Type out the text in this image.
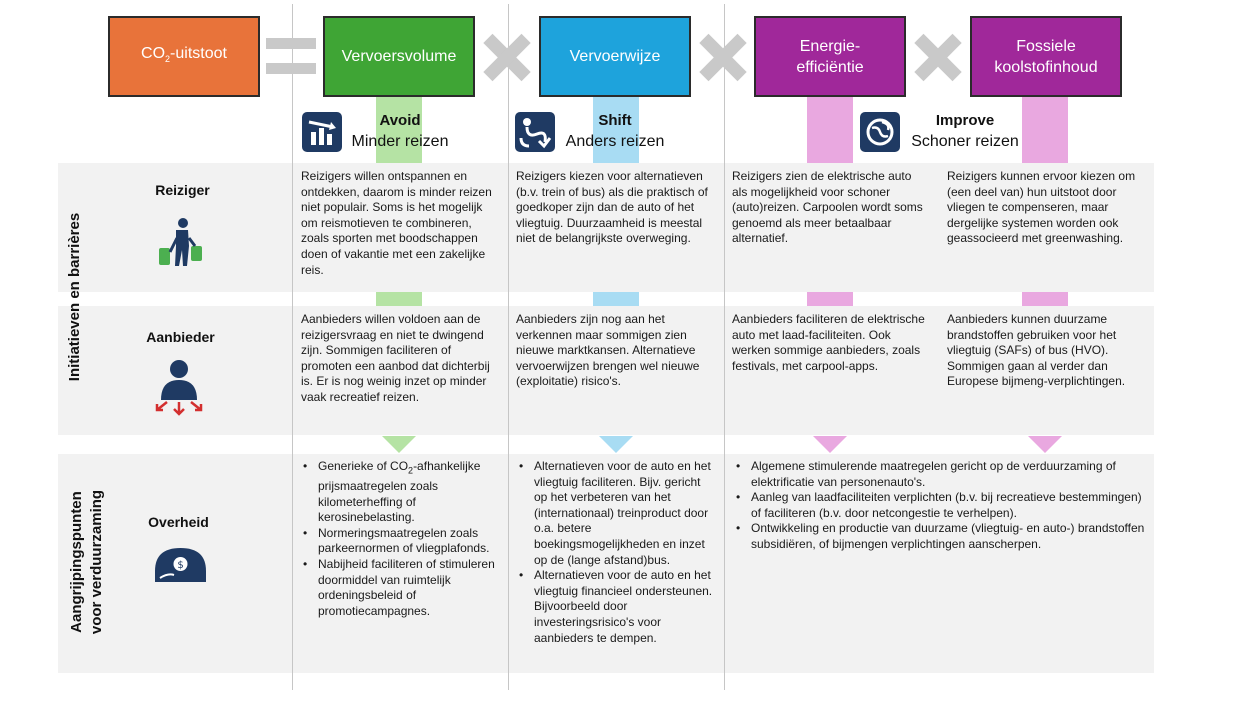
$CO_2$-uitstoot	Vervoersvolume	Vervoerwijze
Energie-
efficiëntie
Fossiele
koolstofinhoud
Avoid
Minder reizen
Shift
Anders reizen
Improve
Schoner reizen
Initiatieven en barrières
Aangrijpingspunten voor verduurzaming
Reiziger
Aanbieder
Overheid
$
Reizigers willen ontspannen en ontdekken, daarom is minder reizen niet populair. Soms is het mogelijk om reismotieven te combineren, zoals sporten met boodschappen doen of vakantie met een zakelijke reis.
Reizigers kiezen voor alternatieven (b.v. trein of bus) als die praktisch of goedkoper zijn dan de auto of het vliegtuig. Duurzaamheid is meestal niet de belangrijkste overweging.
Reizigers zien de elektrische auto als mogelijkheid voor schoner (auto)reizen. Carpoolen wordt soms genoemd als meer betaalbaar alternatief.
Reizigers kunnen ervoor kiezen om (een deel van) hun uitstoot door vliegen te compenseren, maar dergelijke systemen worden ook geassocieerd met greenwashing.
Aanbieders willen voldoen aan de reizigersvraag en niet te dwingend zijn. Sommigen faciliteren of promoten een aanbod dat dichterbij is. Er is nog weinig inzet op minder vaak recreatief reizen.
Aanbieders zijn nog aan het verkennen maar sommigen zien nieuwe marktkansen. Alternatieve vervoerwijzen brengen wel nieuwe (exploitatie) risico's.
Aanbieders faciliteren de elektrische auto met laad-faciliteiten. Ook werken sommige aanbieders, zoals festivals, met carpool-apps.
Aanbieders kunnen duurzame brandstoffen gebruiken voor het vliegtuig (SAFs) of bus (HVO). Sommigen gaan al verder dan Europese bijmeng-verplichtingen.
• Generieke of $CO_2$-afhankelijke prijsmaatregelen zoals kilometerheffing of kerosinebelasting.
• Normeringsmaatregelen zoals parkeernormen of vliegplafonds.
• Nabijheid faciliteren of stimuleren doormiddel van ruimtelijk ordeningsbeleid of promotiecampagnes.
• Alternatieven voor de auto en het vliegtuig faciliteren. Bijv. gericht op het verbeteren van het (internationaal) treinproduct door o.a. betere boekingsmogelijkheden en inzet op de (lange afstand)bus.
• Alternatieven voor de auto en het vliegtuig financieel ondersteunen. Bijvoorbeeld door investeringsrisico's voor aanbieders te dempen.
• Algemene stimulerende maatregelen gericht op de verduurzaming of elektrificatie van personenauto's.
• Aanleg van laadfaciliteiten verplichten (b.v. bij recreatieve bestemmingen) of faciliteren (b.v. door netcongestie te verhelpen).
• Ontwikkeling en productie van duurzame (vliegtuig- en auto-) brandstoffen subsidiëren, of bijmengen verplichtingen aanscherpen.
